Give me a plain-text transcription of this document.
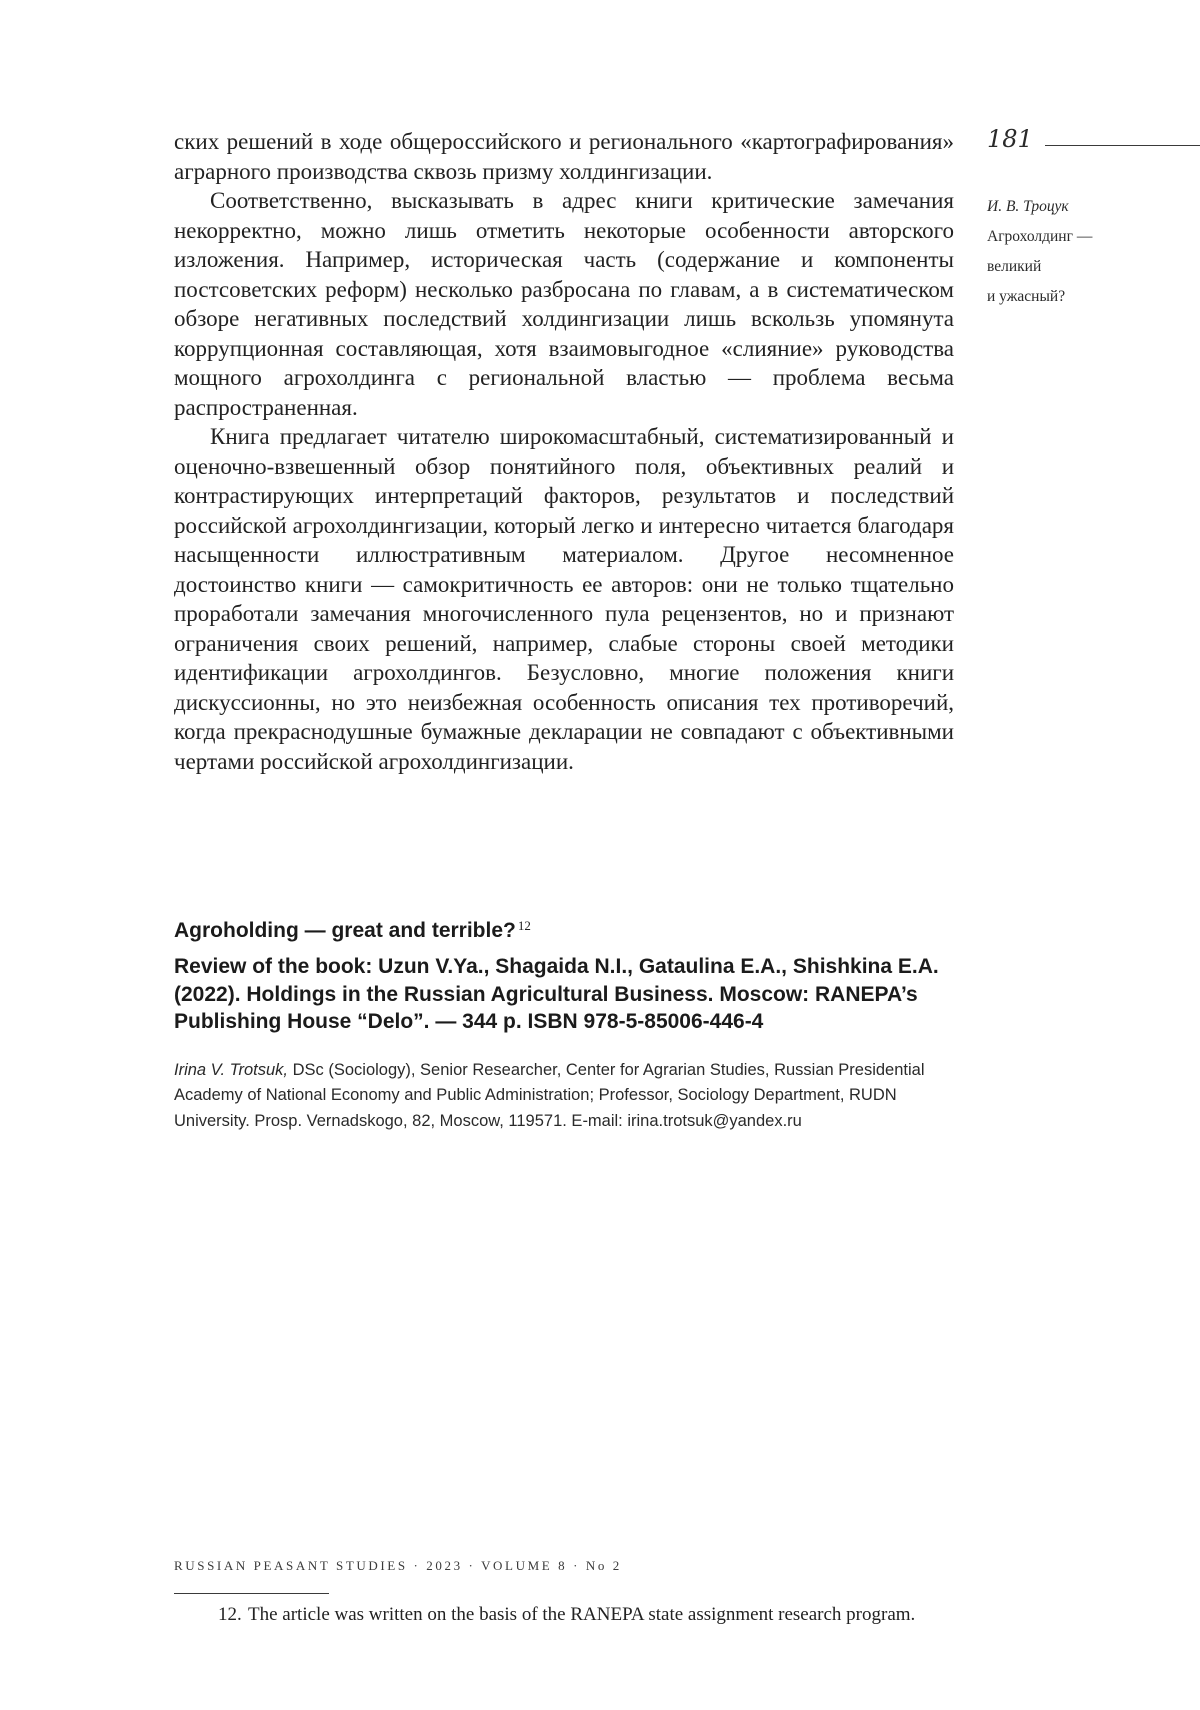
181
И. В. Троцук
Агрохолдинг —
великий
и ужасный?

ских решений в ходе общероссийского и регионального «картографирования» аграрного производства сквозь призму холдингизации.

Соответственно, высказывать в адрес книги критические замечания некорректно, можно лишь отметить некоторые особенности авторского изложения. Например, историческая часть (содержание и компоненты постсоветских реформ) несколько разбросана по главам, а в систематическом обзоре негативных последствий холдингизации лишь вскользь упомянута коррупционная составляющая, хотя взаимовыгодное «слияние» руководства мощного агрохолдинга с региональной властью — проблема весьма распространенная.

Книга предлагает читателю широкомасштабный, систематизированный и оценочно-взвешенный обзор понятийного поля, объективных реалий и контрастирующих интерпретаций факторов, результатов и последствий российской агрохолдингизации, который легко и интересно читается благодаря насыщенности иллюстративным материалом. Другое несомненное достоинство книги — самокритичность ее авторов: они не только тщательно проработали замечания многочисленного пула рецензентов, но и признают ограничения своих решений, например, слабые стороны своей методики идентификации агрохолдингов. Безусловно, многие положения книги дискуссионны, но это неизбежная особенность описания тех противоречий, когда прекраснодушные бумажные декларации не совпадают с объективными чертами российской агрохолдингизации.

Agroholding — great and terrible? $^{12}$
Review of the book: Uzun V.Ya., Shagaida N.I., Gataulina E.A., Shishkina E.A. (2022). Holdings in the Russian Agricultural Business. Moscow: RANEPA’s Publishing House “Delo”. — 344 p. ISBN 978-5-85006-446-4
Irina V. Trotsuk, DSc (Sociology), Senior Researcher, Center for Agrarian Studies, Russian Presidential Academy of National Economy and Public Administration; Professor, Sociology Department, RUDN University. Prosp. Vernadskogo, 82, Moscow, 119571. E-mail: irina.trotsuk@yandex.ru
12. The article was written on the basis of the RANEPA state assignment research program.
RUSSIAN PEASANT STUDIES · 2023 · VOLUME 8 · No 2
